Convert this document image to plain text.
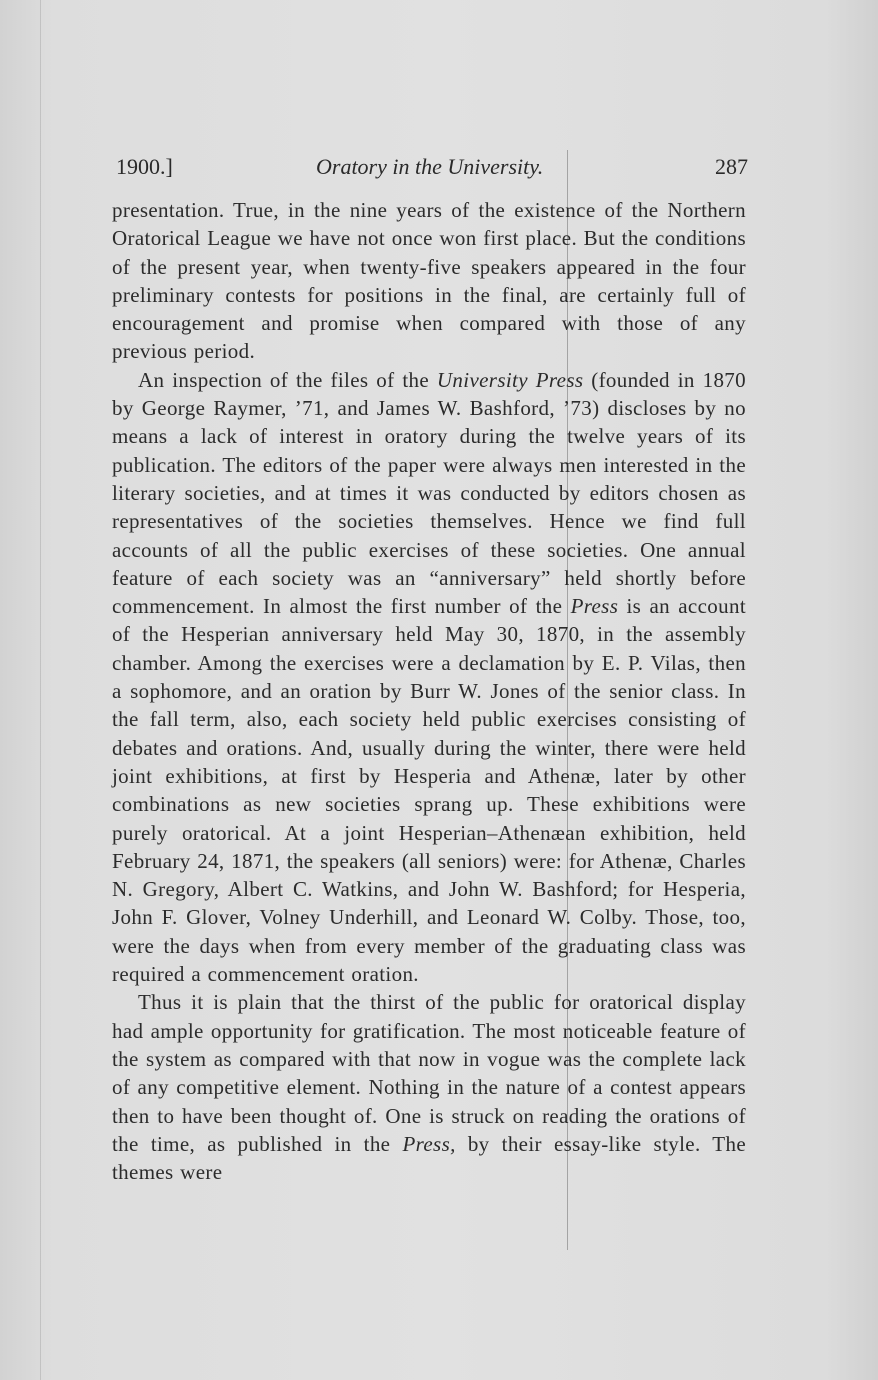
1900.]	Oratory in the University.	287

presentation. True, in the nine years of the existence of the Northern Oratorical League we have not once won first place. But the conditions of the present year, when twenty-five speakers appeared in the four preliminary contests for positions in the final, are certainly full of encouragement and promise when compared with those of any previous period.

An inspection of the files of the University Press (founded in 1870 by George Raymer, ’71, and James W. Bashford, ’73) discloses by no means a lack of interest in oratory during the twelve years of its publication. The editors of the paper were always men interested in the literary societies, and at times it was conducted by editors chosen as representatives of the societies themselves. Hence we find full accounts of all the public exercises of these societies. One annual feature of each society was an “anniversary” held shortly before commencement. In almost the first number of the Press is an account of the Hesperian anniversary held May 30, 1870, in the assembly chamber. Among the exercises were a declamation by E. P. Vilas, then a sophomore, and an oration by Burr W. Jones of the senior class. In the fall term, also, each society held public exercises consisting of debates and orations. And, usually during the winter, there were held joint exhibitions, at first by Hesperia and Athenæ, later by other combinations as new societies sprang up. These exhibitions were purely oratorical. At a joint Hesperian–Athenæan exhibition, held February 24, 1871, the speakers (all seniors) were: for Athenæ, Charles N. Gregory, Albert C. Watkins, and John W. Bashford; for Hesperia, John F. Glover, Volney Underhill, and Leonard W. Colby. Those, too, were the days when from every member of the graduating class was required a commencement oration.

Thus it is plain that the thirst of the public for oratorical display had ample opportunity for gratification. The most noticeable feature of the system as compared with that now in vogue was the complete lack of any competitive element. Nothing in the nature of a contest appears then to have been thought of. One is struck on reading the orations of the time, as published in the Press, by their essay-like style. The themes were
